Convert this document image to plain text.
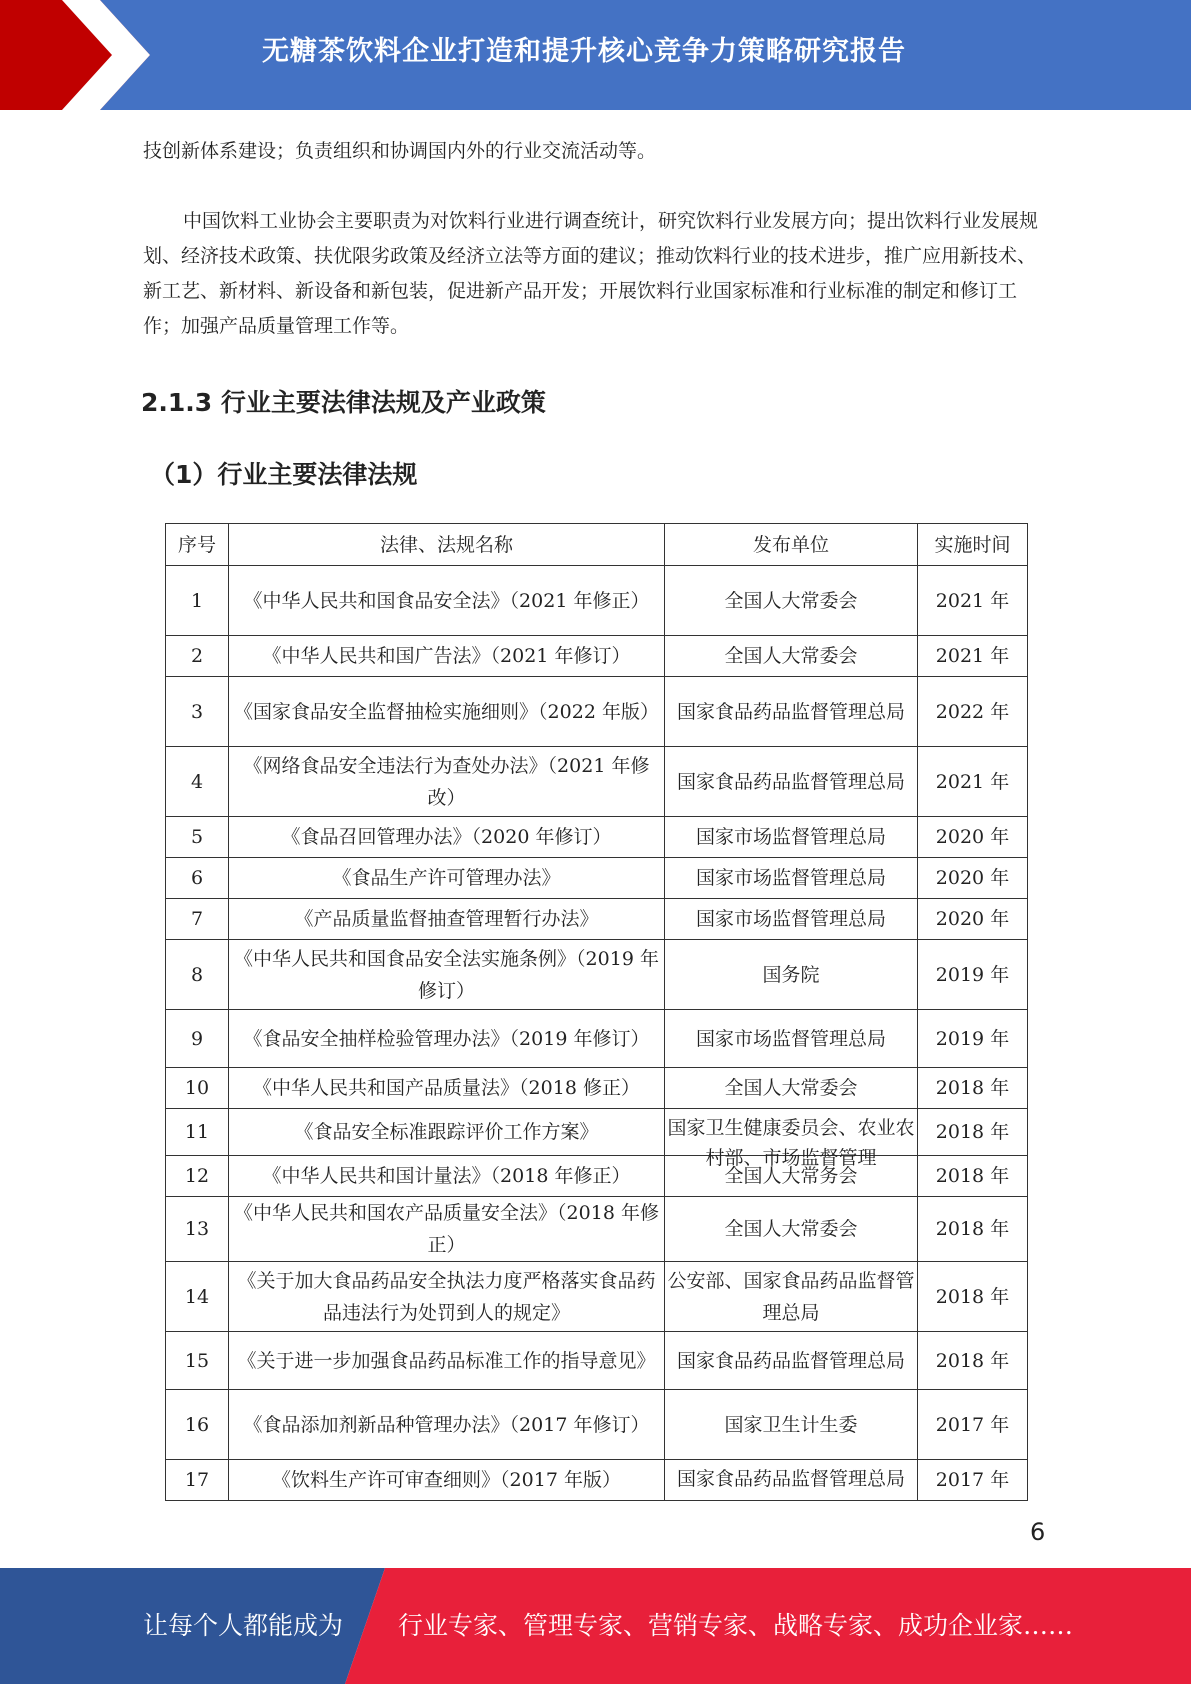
无糖茶饮料企业打造和提升核心竞争力策略研究报告

技创新体系建设；负责组织和协调国内外的行业交流活动等。

中国饮料工业协会主要职责为对饮料行业进行调查统计，研究饮料行业发展方向；提出饮料行业发展规划、经济技术政策、扶优限劣政策及经济立法等方面的建议；推动饮料行业的技术进步，推广应用新技术、新工艺、新材料、新设备和新包装，促进新产品开发；开展饮料行业国家标准和行业标准的制定和修订工作；加强产品质量管理工作等。

2.1.3 行业主要法律法规及产业政策
（1）行业主要法律法规
序号	法律、法规名称	发布单位	实施时间
1	《中华人民共和国食品安全法》（2021 年修正）	全国人大常委会	2021 年
2	《中华人民共和国广告法》（2021 年修订）	全国人大常委会	2021 年
3	《国家食品安全监督抽检实施细则》（2022 年版）	国家食品药品监督管理总局	2022 年
4	《网络食品安全违法行为查处办法》（2021 年修改）	国家食品药品监督管理总局	2021 年
5	《食品召回管理办法》（2020 年修订）	国家市场监督管理总局	2020 年
6	《食品生产许可管理办法》	国家市场监督管理总局	2020 年
7	《产品质量监督抽查管理暂行办法》	国家市场监督管理总局	2020 年
8	《中华人民共和国食品安全法实施条例》（2019 年修订）	国务院	2019 年
9	《食品安全抽样检验管理办法》（2019 年修订）	国家市场监督管理总局	2019 年
10	《中华人民共和国产品质量法》（2018 修正）	全国人大常委会	2018 年
11	《食品安全标准跟踪评价工作方案》	国家卫生健康委员会、农业农村部、市场监督管理	2018 年
12	《中华人民共和国计量法》（2018 年修正）	全国人大常务会	2018 年
13	《中华人民共和国农产品质量安全法》（2018 年修正）	全国人大常委会	2018 年
14	《关于加大食品药品安全执法力度严格落实食品药品违法行为处罚到人的规定》	公安部、国家食品药品监督管理总局	2018 年
15	《关于进一步加强食品药品标准工作的指导意见》	国家食品药品监督管理总局	2018 年
16	《食品添加剂新品种管理办法》（2017 年修订）	国家卫生计生委	2017 年
17	《饮料生产许可审查细则》（2017 年版）	国家食品药品监督管理总局	2017 年
6
让每个人都能成为 行业专家、管理专家、营销专家、战略专家、成功企业家……
